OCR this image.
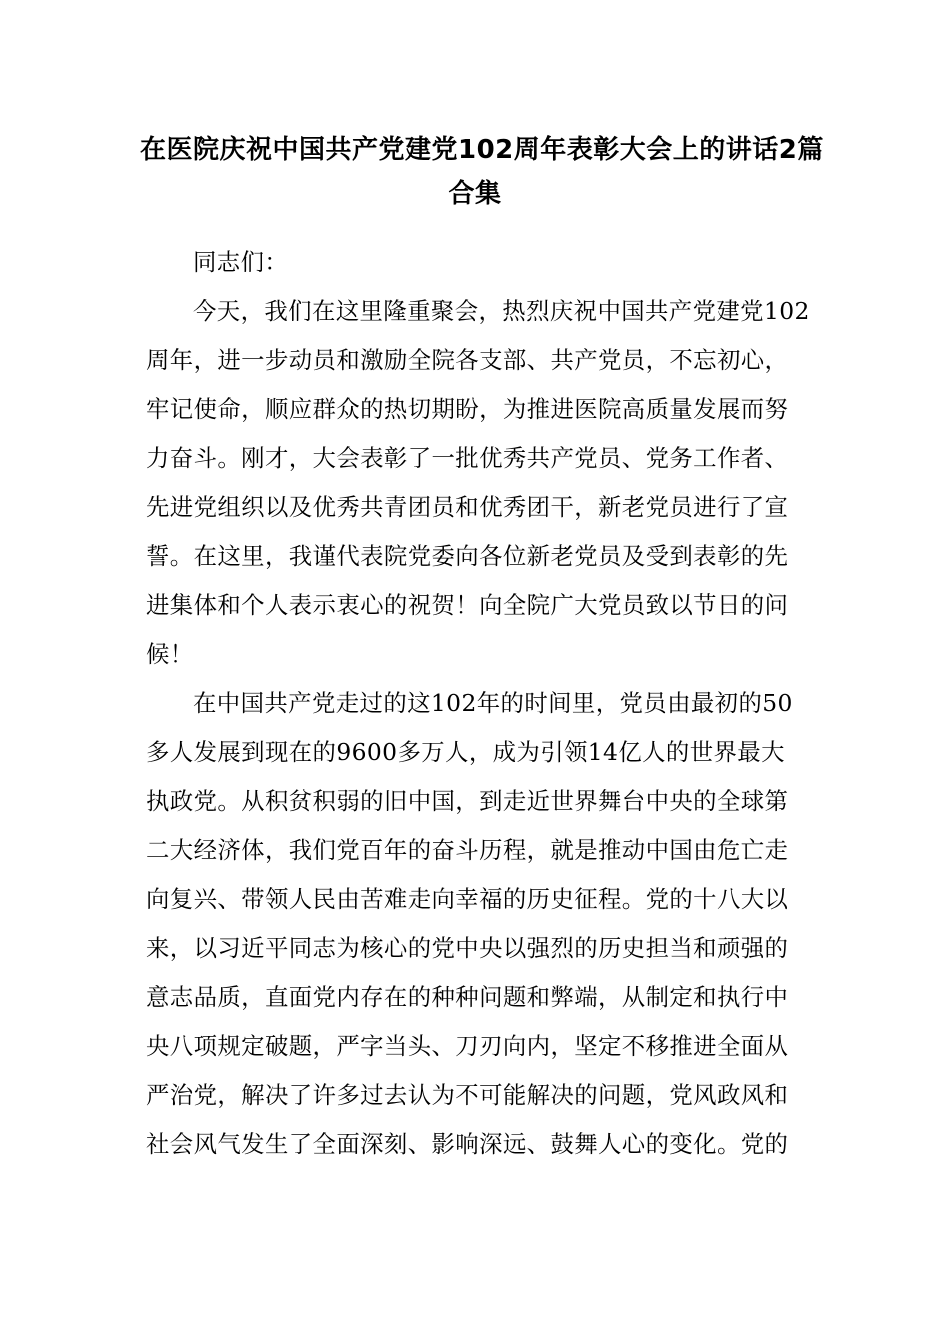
在医院庆祝中国共产党建党102周年表彰大会上的讲话2篇
合集

同志们：

今天，我们在这里隆重聚会，热烈庆祝中国共产党建党102
周年，进一步动员和激励全院各支部、共产党员，不忘初心，
牢记使命，顺应群众的热切期盼，为推进医院高质量发展而努
力奋斗。刚才，大会表彰了一批优秀共产党员、党务工作者、
先进党组织以及优秀共青团员和优秀团干，新老党员进行了宣
誓。在这里，我谨代表院党委向各位新老党员及受到表彰的先
进集体和个人表示衷心的祝贺！向全院广大党员致以节日的问
候！

在中国共产党走过的这102年的时间里，党员由最初的50
多人发展到现在的9600多万人，成为引领14亿人的世界最大
执政党。从积贫积弱的旧中国，到走近世界舞台中央的全球第
二大经济体，我们党百年的奋斗历程，就是推动中国由危亡走
向复兴、带领人民由苦难走向幸福的历史征程。党的十八大以
来，以习近平同志为核心的党中央以强烈的历史担当和顽强的
意志品质，直面党内存在的种种问题和弊端，从制定和执行中
央八项规定破题，严字当头、刀刃向内，坚定不移推进全面从
严治党，解决了许多过去认为不可能解决的问题，党风政风和
社会风气发生了全面深刻、影响深远、鼓舞人心的变化。党的
